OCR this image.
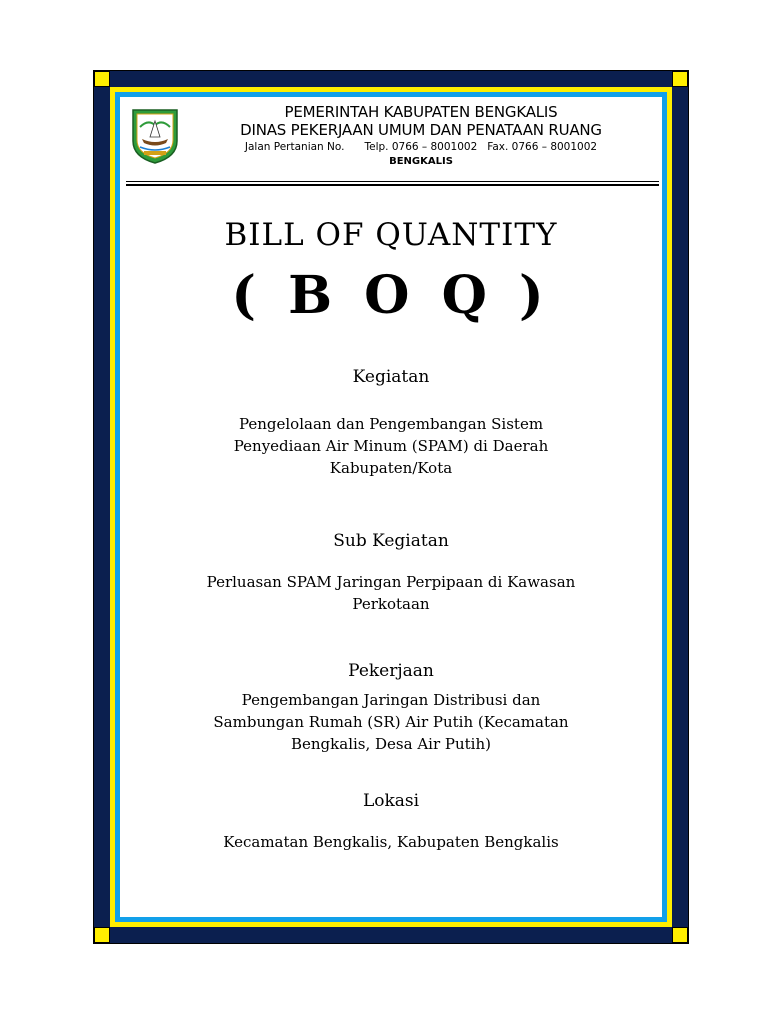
PEMERINTAH KABUPATEN BENGKALIS
DINAS PEKERJAAN UMUM DAN PENATAAN RUANG
Jalan Pertanian No.      Telp. 0766 – 8001002   Fax. 0766 – 8001002
BENGKALIS
BILL OF QUANTITY
( B O Q )
Kegiatan
Pengelolaan dan Pengembangan Sistem
Penyediaan Air Minum (SPAM) di Daerah
Kabupaten/Kota
Sub Kegiatan
Perluasan SPAM Jaringan Perpipaan di Kawasan
Perkotaan
Pekerjaan
Pengembangan Jaringan Distribusi dan
Sambungan Rumah (SR) Air Putih (Kecamatan
Bengkalis, Desa Air Putih)
Lokasi
Kecamatan Bengkalis, Kabupaten Bengkalis
